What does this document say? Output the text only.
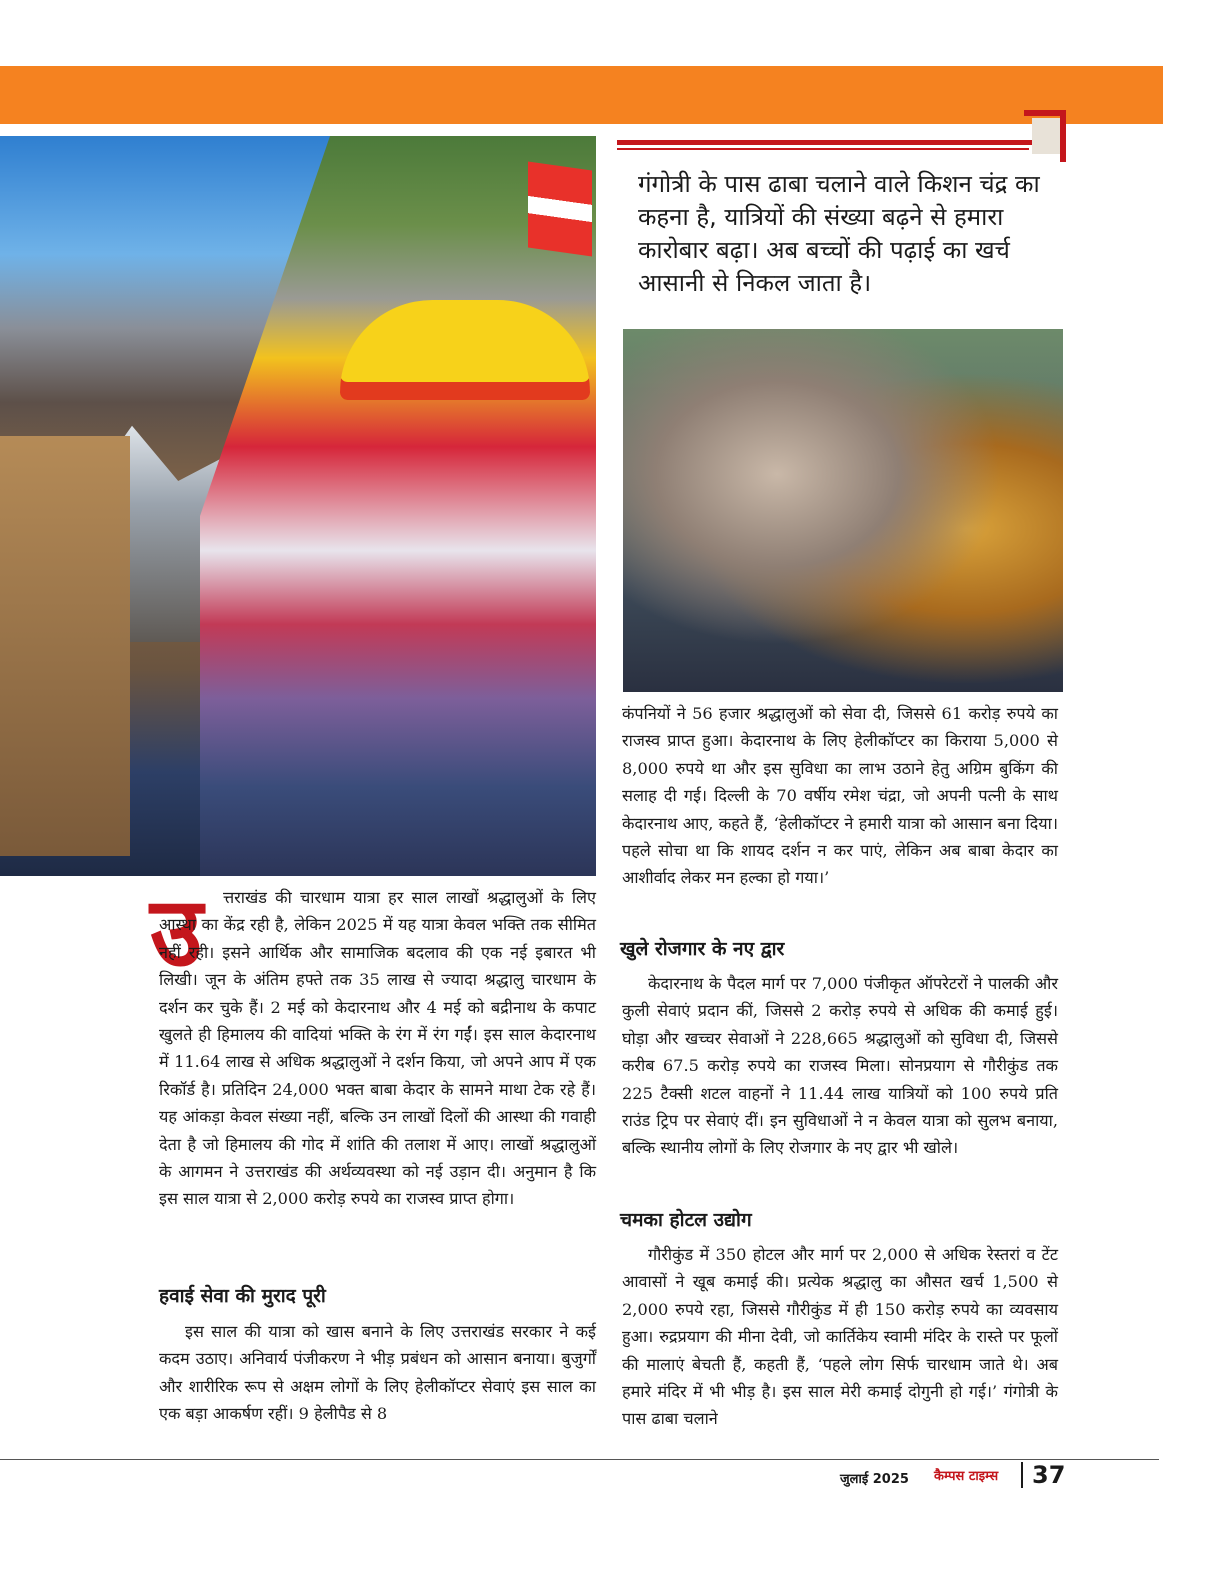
गंगोत्री के पास ढाबा चलाने वाले किशन चंद्र का कहना है, यात्रियों की संख्या बढ़ने से हमारा कारोबार बढ़ा। अब बच्चों की पढ़ाई का खर्च आसानी से निकल जाता है।

उ	त्तराखंड की चारधाम यात्रा हर साल लाखों श्रद्धालुओं के लिए आस्था का केंद्र रही है, लेकिन 2025 में यह यात्रा केवल भक्ति तक सीमित नहीं रही। इसने आर्थिक और सामाजिक बदलाव की एक नई इबारत भी लिखी। जून के अंतिम हफ्ते तक 35 लाख से ज्यादा श्रद्धालु चारधाम के दर्शन कर चुके हैं। 2 मई को केदारनाथ और 4 मई को बद्रीनाथ के कपाट खुलते ही हिमालय की वादियां भक्ति के रंग में रंग गईं। इस साल केदारनाथ में 11.64 लाख से अधिक श्रद्धालुओं ने दर्शन किया, जो अपने आप में एक रिकॉर्ड है। प्रतिदिन 24,000 भक्त बाबा केदार के सामने माथा टेक रहे हैं। यह आंकड़ा केवल संख्या नहीं, बल्कि उन लाखों दिलों की आस्था की गवाही देता है जो हिमालय की गोद में शांति की तलाश में आए। लाखों श्रद्धालुओं के आगमन ने उत्तराखंड की अर्थव्यवस्था को नई उड़ान दी। अनुमान है कि इस साल यात्रा से 2,000 करोड़ रुपये का राजस्व प्राप्त होगा।

हवाई सेवा की मुराद पूरी

इस साल की यात्रा को खास बनाने के लिए उत्तराखंड सरकार ने कई कदम उठाए। अनिवार्य पंजीकरण ने भीड़ प्रबंधन को आसान बनाया। बुजुर्गों और शारीरिक रूप से अक्षम लोगों के लिए हेलीकॉप्टर सेवाएं इस साल का एक बड़ा आकर्षण रहीं। 9 हेलीपैड से 8

कंपनियों ने 56 हजार श्रद्धालुओं को सेवा दी, जिससे 61 करोड़ रुपये का राजस्व प्राप्त हुआ। केदारनाथ के लिए हेलीकॉप्टर का किराया 5,000 से 8,000 रुपये था और इस सुविधा का लाभ उठाने हेतु अग्रिम बुकिंग की सलाह दी गई। दिल्ली के 70 वर्षीय रमेश चंद्रा, जो अपनी पत्नी के साथ केदारनाथ आए, कहते हैं, ‘हेलीकॉप्टर ने हमारी यात्रा को आसान बना दिया। पहले सोचा था कि शायद दर्शन न कर पाएं, लेकिन अब बाबा केदार का आशीर्वाद लेकर मन हल्का हो गया।’

खुले रोजगार के नए द्वार

केदारनाथ के पैदल मार्ग पर 7,000 पंजीकृत ऑपरेटरों ने पालकी और कुली सेवाएं प्रदान कीं, जिससे 2 करोड़ रुपये से अधिक की कमाई हुई। घोड़ा और खच्चर सेवाओं ने 228,665 श्रद्धालुओं को सुविधा दी, जिससे करीब 67.5 करोड़ रुपये का राजस्व मिला। सोनप्रयाग से गौरीकुंड तक 225 टैक्सी शटल वाहनों ने 11.44 लाख यात्रियों को 100 रुपये प्रति राउंड ट्रिप पर सेवाएं दीं। इन सुविधाओं ने न केवल यात्रा को सुलभ बनाया, बल्कि स्थानीय लोगों के लिए रोजगार के नए द्वार भी खोले।

चमका होटल उद्योग

गौरीकुंड में 350 होटल और मार्ग पर 2,000 से अधिक रेस्तरां व टेंट आवासों ने खूब कमाई की। प्रत्येक श्रद्धालु का औसत खर्च 1,500 से 2,000 रुपये रहा, जिससे गौरीकुंड में ही 150 करोड़ रुपये का व्यवसाय हुआ। रुद्रप्रयाग की मीना देवी, जो कार्तिकेय स्वामी मंदिर के रास्ते पर फूलों की मालाएं बेचती हैं, कहती हैं, ‘पहले लोग सिर्फ चारधाम जाते थे। अब हमारे मंदिर में भी भीड़ है। इस साल मेरी कमाई दोगुनी हो गई।’ गंगोत्री के पास ढाबा चलाने

जुलाई 2025 कैम्पस टाइम्स 37
